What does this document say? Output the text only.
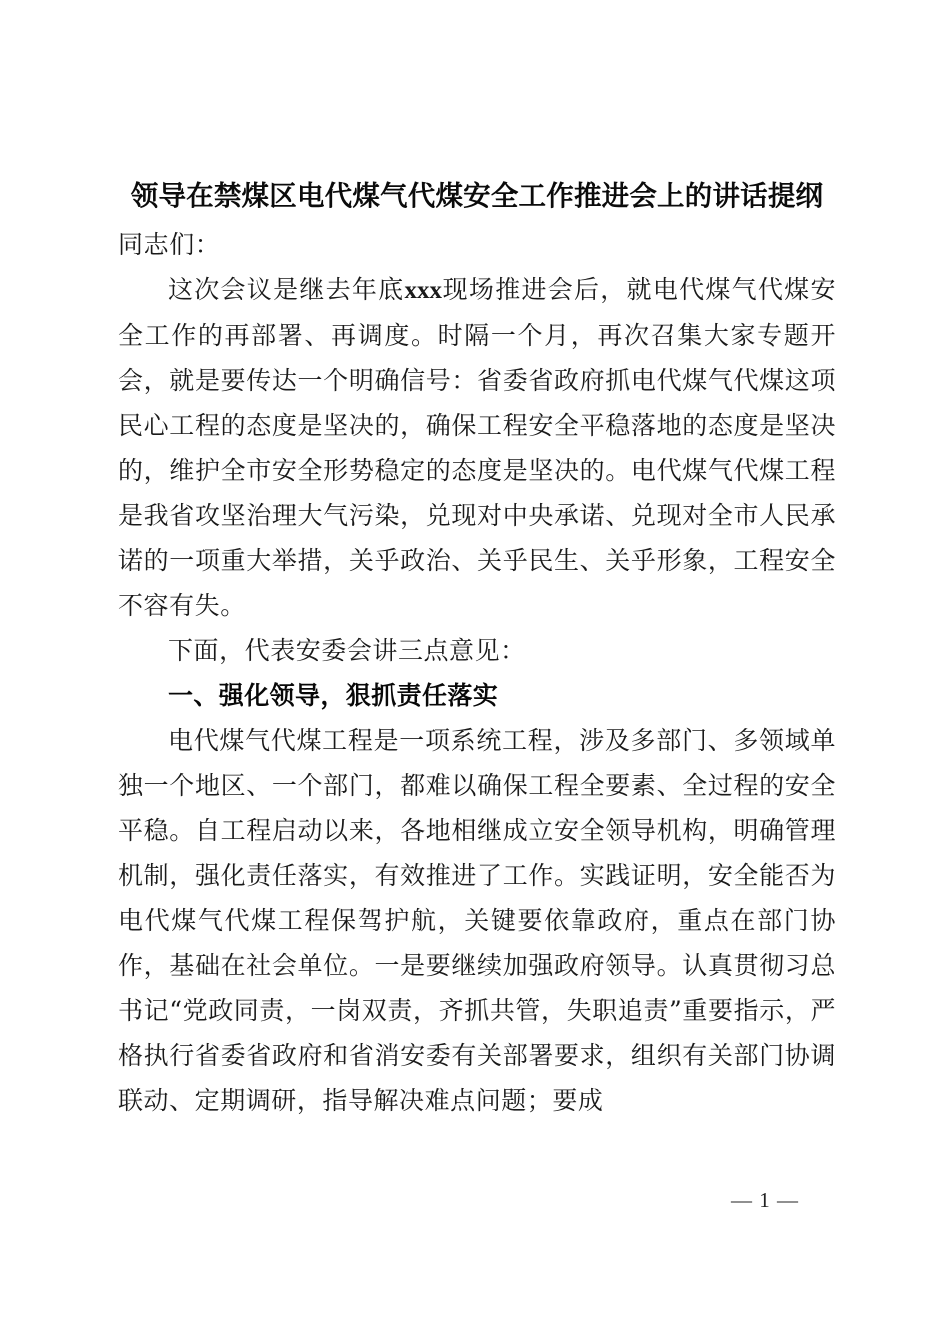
领导在禁煤区电代煤气代煤安全工作推进会上的讲话提纲

同志们：

这次会议是继去年底xxx现场推进会后，就电代煤气代煤安全工作的再部署、再调度。时隔一个月，再次召集大家专题开会，就是要传达一个明确信号：省委省政府抓电代煤气代煤这项民心工程的态度是坚决的，确保工程安全平稳落地的态度是坚决的，维护全市安全形势稳定的态度是坚决的。电代煤气代煤工程是我省攻坚治理大气污染，兑现对中央承诺、兑现对全市人民承诺的一项重大举措，关乎政治、关乎民生、关乎形象，工程安全不容有失。

下面，代表安委会讲三点意见：

一、强化领导，狠抓责任落实

电代煤气代煤工程是一项系统工程，涉及多部门、多领域单独一个地区、一个部门，都难以确保工程全要素、全过程的安全平稳。自工程启动以来，各地相继成立安全领导机构，明确管理机制，强化责任落实，有效推进了工作。实践证明，安全能否为电代煤气代煤工程保驾护航，关键要依靠政府，重点在部门协作，基础在社会单位。一是要继续加强政府领导。认真贯彻习总书记“党政同责，一岗双责，齐抓共管，失职追责”重要指示，严格执行省委省政府和省消安委有关部署要求，组织有关部门协调联动、定期调研，指导解决难点问题；要成

— 1 —
